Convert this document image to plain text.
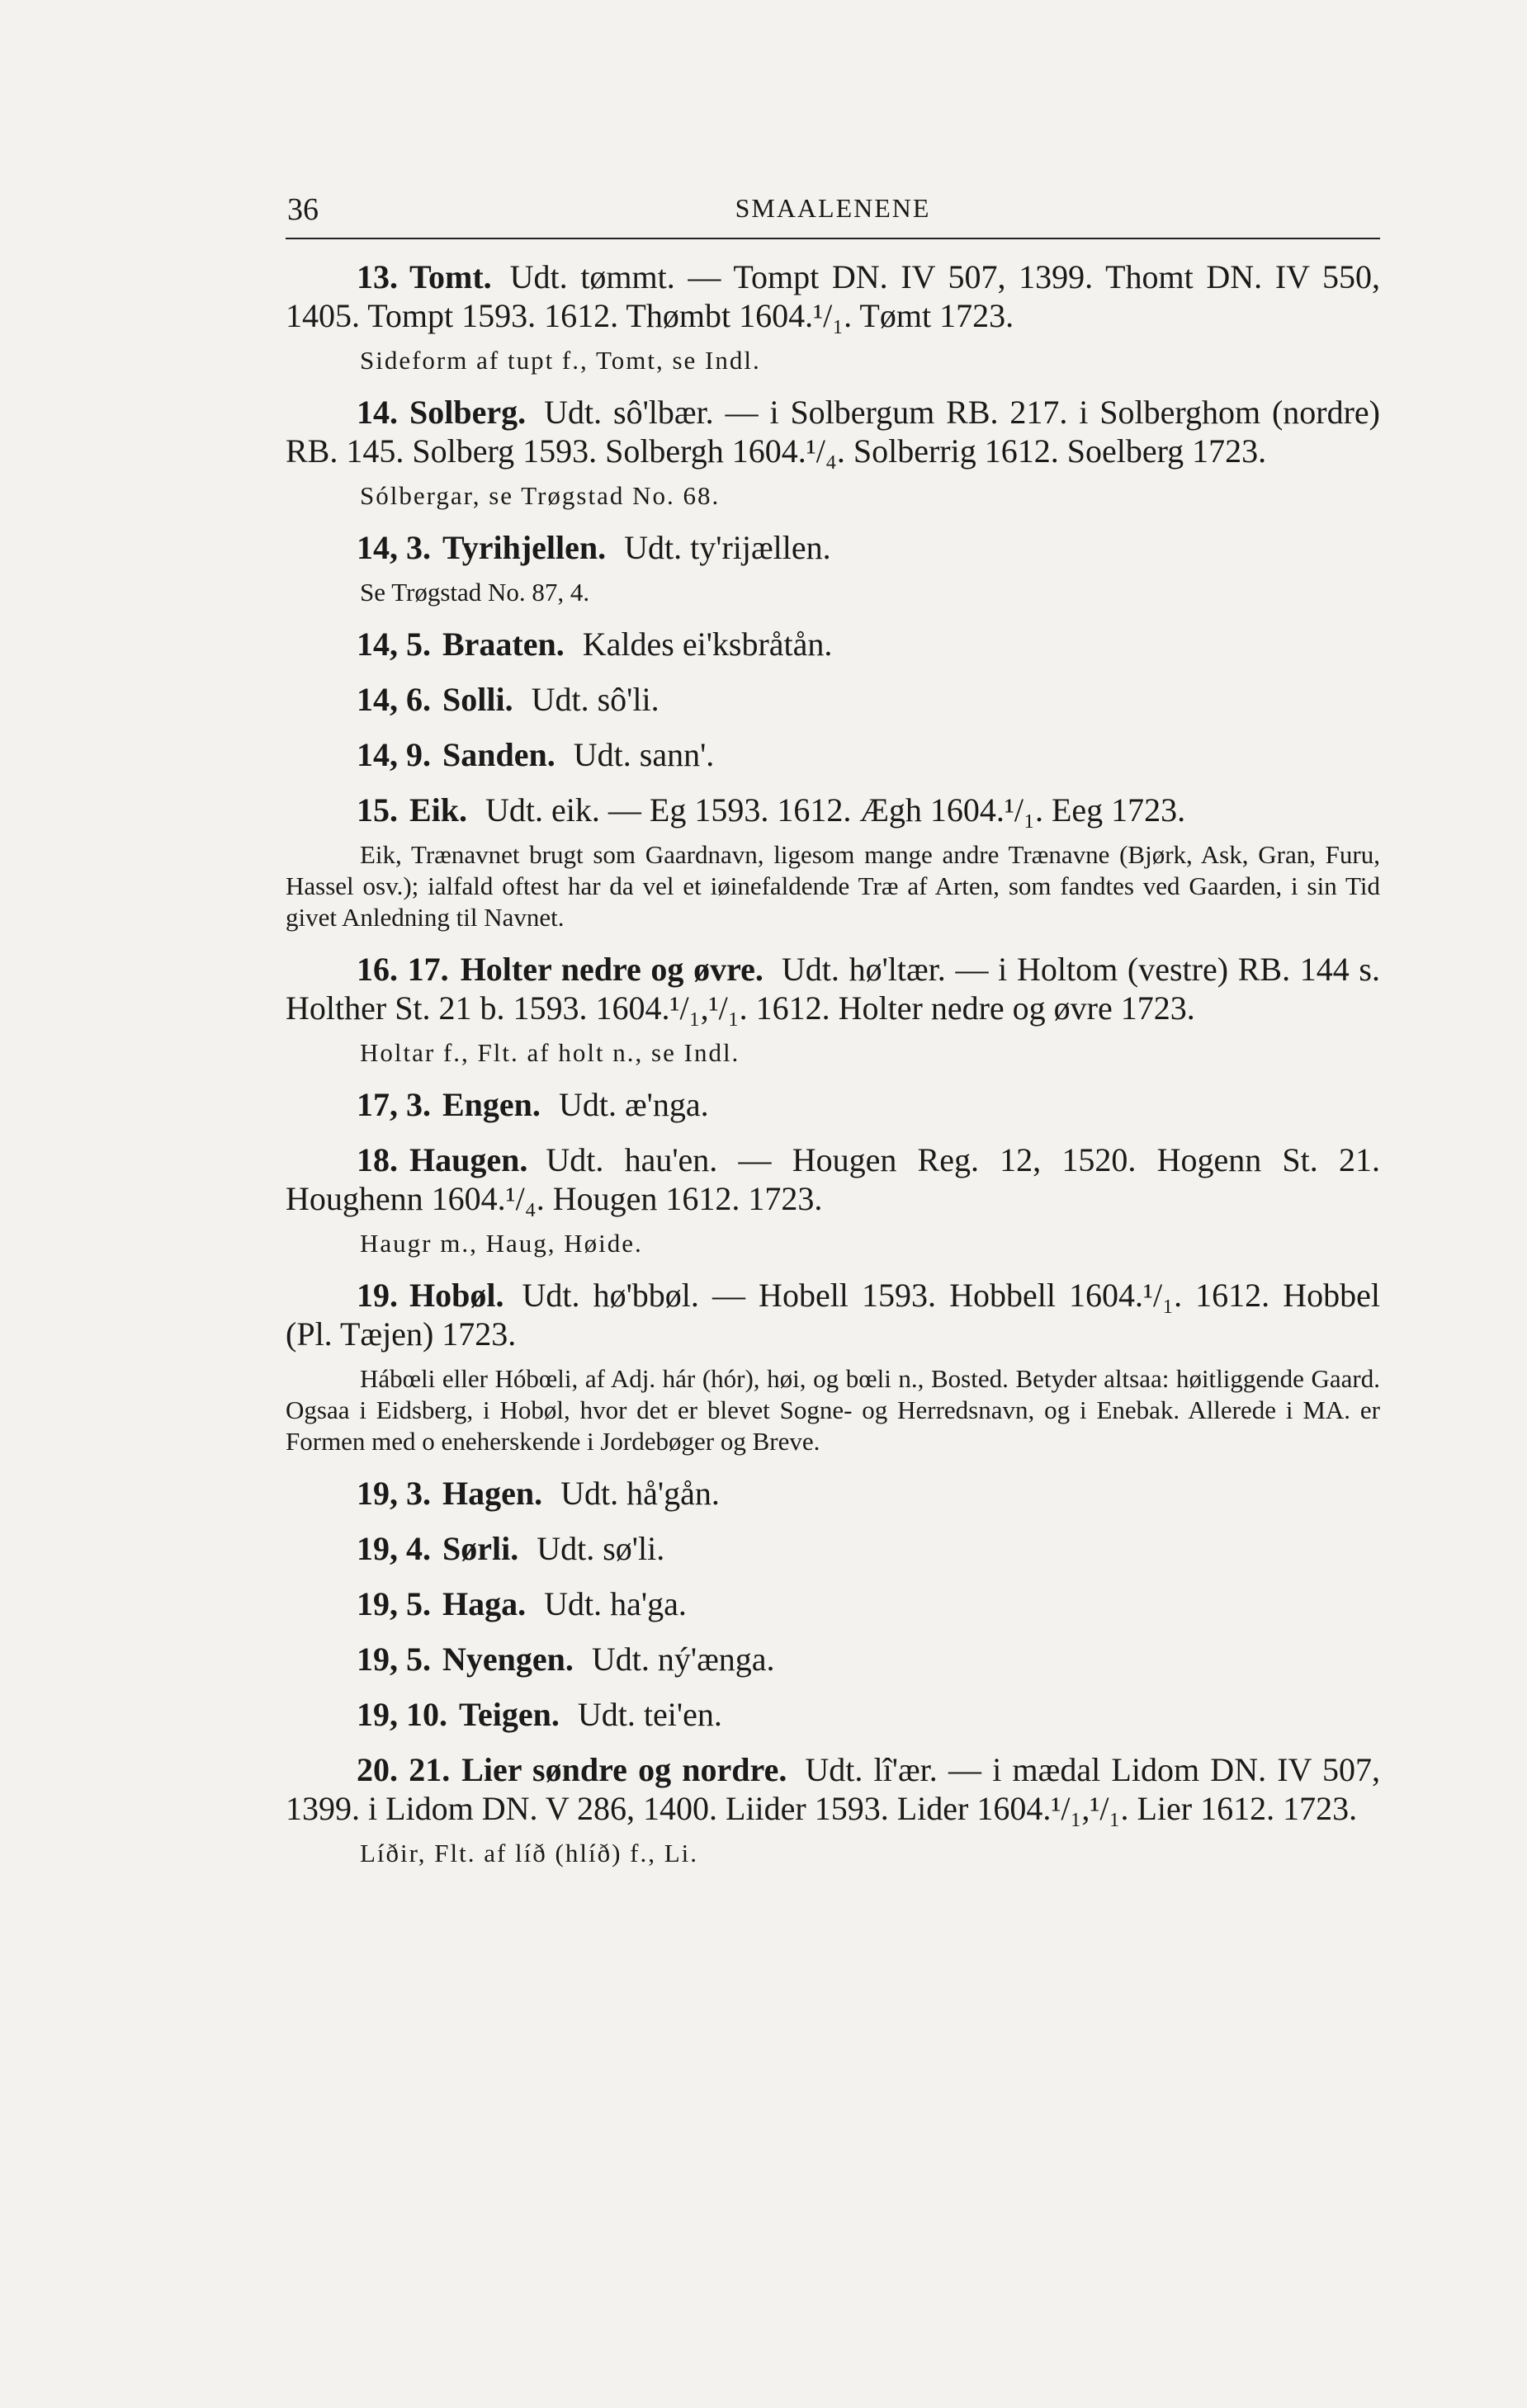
36	SMAALENENE

13. Tomt. Udt. tømmt. — Tompt DN. IV 507, 1399. Thomt DN. IV 550, 1405. Tompt 1593. 1612. Thømbt 1604.¹/₁. Tømt 1723.

Sideform af tupt f., Tomt, se Indl.

14. Solberg. Udt. sô'lbær. — i Solbergum RB. 217. i Solberghom (nordre) RB. 145. Solberg 1593. Solbergh 1604.¹/₄. Solberrig 1612. Soelberg 1723.

Sólbergar, se Trøgstad No. 68.

14, 3. Tyrihjellen. Udt. ty'rijællen.

Se Trøgstad No. 87, 4.

14, 5. Braaten. Kaldes ei'ksbråtån.

14, 6. Solli. Udt. sô'li.

14, 9. Sanden. Udt. sann'.

15. Eik. Udt. eik. — Eg 1593. 1612. Ægh 1604.¹/₁. Eeg 1723.

Eik, Trænavnet brugt som Gaardnavn, ligesom mange andre Trænavne (Bjørk, Ask, Gran, Furu, Hassel osv.); ialfald oftest har da vel et iøinefaldende Træ af Arten, som fandtes ved Gaarden, i sin Tid givet Anledning til Navnet.

16. 17. Holter nedre og øvre. Udt. hø'ltær. — i Holtom (vestre) RB. 144 s. Holther St. 21 b. 1593. 1604.¹/₁,¹/₁. 1612. Holter nedre og øvre 1723.

Holtar f., Flt. af holt n., se Indl.

17, 3. Engen. Udt. æ'nga.

18. Haugen. Udt. hau'en. — Hougen Reg. 12, 1520. Hogenn St. 21. Houghenn 1604.¹/₄. Hougen 1612. 1723.

Haugr m., Haug, Høide.

19. Hobøl. Udt. hø'bbøl. — Hobell 1593. Hobbell 1604.¹/₁. 1612. Hobbel (Pl. Tæjen) 1723.

Hábœli eller Hóbœli, af Adj. hár (hór), høi, og bœli n., Bosted. Betyder altsaa: høitliggende Gaard. Ogsaa i Eidsberg, i Hobøl, hvor det er blevet Sogne- og Herredsnavn, og i Enebak. Allerede i MA. er Formen med o eneherskende i Jordebøger og Breve.

19, 3. Hagen. Udt. hå'gån.

19, 4. Sørli. Udt. sø'li.

19, 5. Haga. Udt. ha'ga.

19, 5. Nyengen. Udt. ný'ænga.

19, 10. Teigen. Udt. tei'en.

20. 21. Lier søndre og nordre. Udt. lî'ær. — i mædal Lidom DN. IV 507, 1399. i Lidom DN. V 286, 1400. Liider 1593. Lider 1604.¹/₁,¹/₁. Lier 1612. 1723.

Líðir, Flt. af líð (hlíð) f., Li.
